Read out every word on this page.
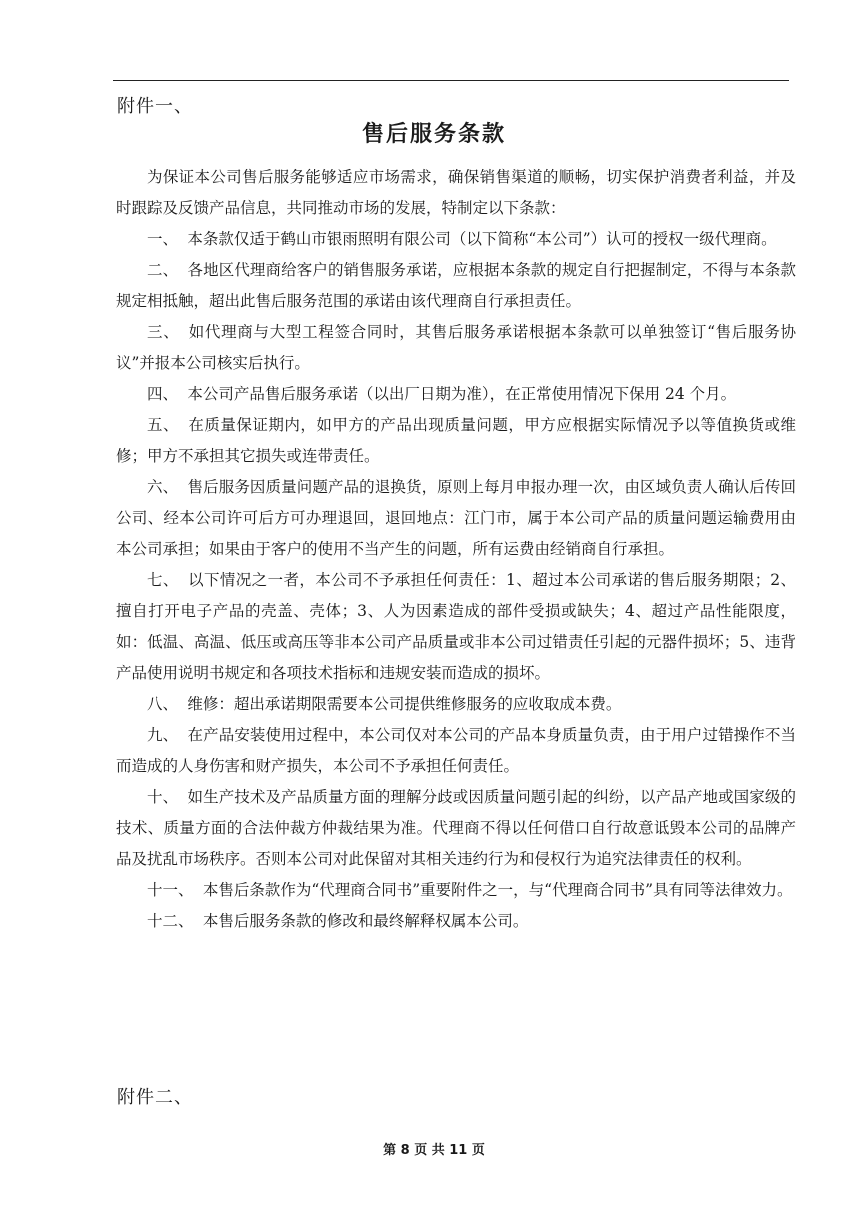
附件一、
售后服务条款

为保证本公司售后服务能够适应市场需求，确保销售渠道的顺畅，切实保护消费者利益，并及时跟踪及反馈产品信息，共同推动市场的发展，特制定以下条款：

一、 本条款仅适于鹤山市银雨照明有限公司（以下简称“本公司”）认可的授权一级代理商。

二、 各地区代理商给客户的销售服务承诺，应根据本条款的规定自行把握制定，不得与本条款规定相抵触，超出此售后服务范围的承诺由该代理商自行承担责任。

三、 如代理商与大型工程签合同时，其售后服务承诺根据本条款可以单独签订“售后服务协议”并报本公司核实后执行。

四、 本公司产品售后服务承诺（以出厂日期为准），在正常使用情况下保用 24 个月。

五、 在质量保证期内，如甲方的产品出现质量问题，甲方应根据实际情况予以等值换货或维修；甲方不承担其它损失或连带责任。

六、 售后服务因质量问题产品的退换货，原则上每月申报办理一次，由区域负责人确认后传回公司、经本公司许可后方可办理退回，退回地点：江门市，属于本公司产品的质量问题运输费用由本公司承担；如果由于客户的使用不当产生的问题，所有运费由经销商自行承担。

七、 以下情况之一者，本公司不予承担任何责任：1、超过本公司承诺的售后服务期限；2、擅自打开电子产品的壳盖、壳体；3、人为因素造成的部件受损或缺失；4、超过产品性能限度，如：低温、高温、低压或高压等非本公司产品质量或非本公司过错责任引起的元器件损坏；5、违背产品使用说明书规定和各项技术指标和违规安装而造成的损坏。

八、 维修：超出承诺期限需要本公司提供维修服务的应收取成本费。

九、 在产品安装使用过程中，本公司仅对本公司的产品本身质量负责，由于用户过错操作不当而造成的人身伤害和财产损失，本公司不予承担任何责任。

十、 如生产技术及产品质量方面的理解分歧或因质量问题引起的纠纷，以产品产地或国家级的技术、质量方面的合法仲裁方仲裁结果为准。代理商不得以任何借口自行故意诋毁本公司的品牌产品及扰乱市场秩序。否则本公司对此保留对其相关违约行为和侵权行为追究法律责任的权利。

十一、 本售后条款作为“代理商合同书”重要附件之一，与“代理商合同书”具有同等法律效力。

十二、 本售后服务条款的修改和最终解释权属本公司。

附件二、
第 8 页 共 11 页
